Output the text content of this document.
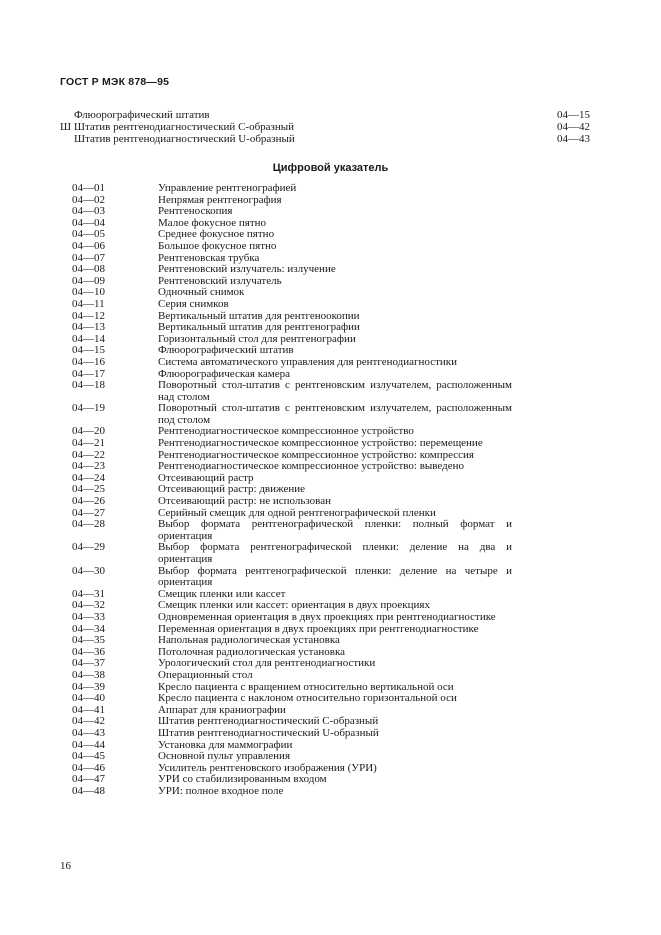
ГОСТ Р МЭК 878—95
Флюорографический штатив	04—15
Ш Штатив рентгенодиагностический С-образный	04—42
Штатив рентгенодиагностический U-образный	04—43
Цифровой указатель
04—01	Управление рентгенографией
04—02	Непрямая рентгенография
04—03	Рентгеноскопия
04—04	Малое фокусное пятно
04—05	Среднее фокусное пятно
04—06	Большое фокусное пятно
04—07	Рентгеновская трубка
04—08	Рентгеновский излучатель: излучение
04—09	Рентгеновский излучатель
04—10	Одночный снимок
04—11	Серия снимков
04—12	Вертикальный штатив для рентгеноокопии
04—13	Вертикальный штатив для рентгенографии
04—14	Горизонтальный стол для рентгенографии
04—15	Флюорографический штатив
04—16	Система автоматического управления для рентгенодиагностики
04—17	Флюорографическая камера
04—18	Поворотный стол-штатив с рентгеновским излучателем, расположенным над столом
04—19	Поворотный стол-штатив с рентгеновским излучателем, расположенным под столом
04—20	Рентгенодиагностическое компрессионное устройство
04—21	Рентгенодиагностическое компрессионное устройство: перемещение
04—22	Рентгенодиагностическое компрессионное устройство: компрессия
04—23	Рентгенодиагностическое компрессионное устройство: выведено
04—24	Отсеивающий растр
04—25	Отсеивающий растр: движение
04—26	Отсеивающий растр: не использован
04—27	Серийный смещик для одной рентгенографической пленки
04—28	Выбор формата рентгенографической пленки: полный формат и ориентация
04—29	Выбор формата рентгенографической пленки: деление на два и ориентация
04—30	Выбор формата рентгенографической пленки: деление на четыре и ориентация
04—31	Смещик пленки или кассет
04—32	Смещик пленки или кассет: ориентация в двух проекциях
04—33	Одновременная ориентация в двух проекциях при рентгенодиагностике
04—34	Переменная ориентация в двух проекциях при рентгенодиагностике
04—35	Напольная радиологическая установка
04—36	Потолочная радиологическая установка
04—37	Урологический стол для рентгенодиагностики
04—38	Операционный стол
04—39	Кресло пациента с вращением относительно вертикальной оси
04—40	Кресло пациента с наклоном относительно горизонтальной оси
04—41	Аппарат для краниографии
04—42	Штатив рентгенодиагностический С-образный
04—43	Штатив рентгенодиагностический U-образный
04—44	Установка для маммографии
04—45	Основной пульт управления
04—46	Усилитель рентгеновского изображения (УРИ)
04—47	УРИ со стабилизированным входом
04—48	УРИ: полное входное поле
16
